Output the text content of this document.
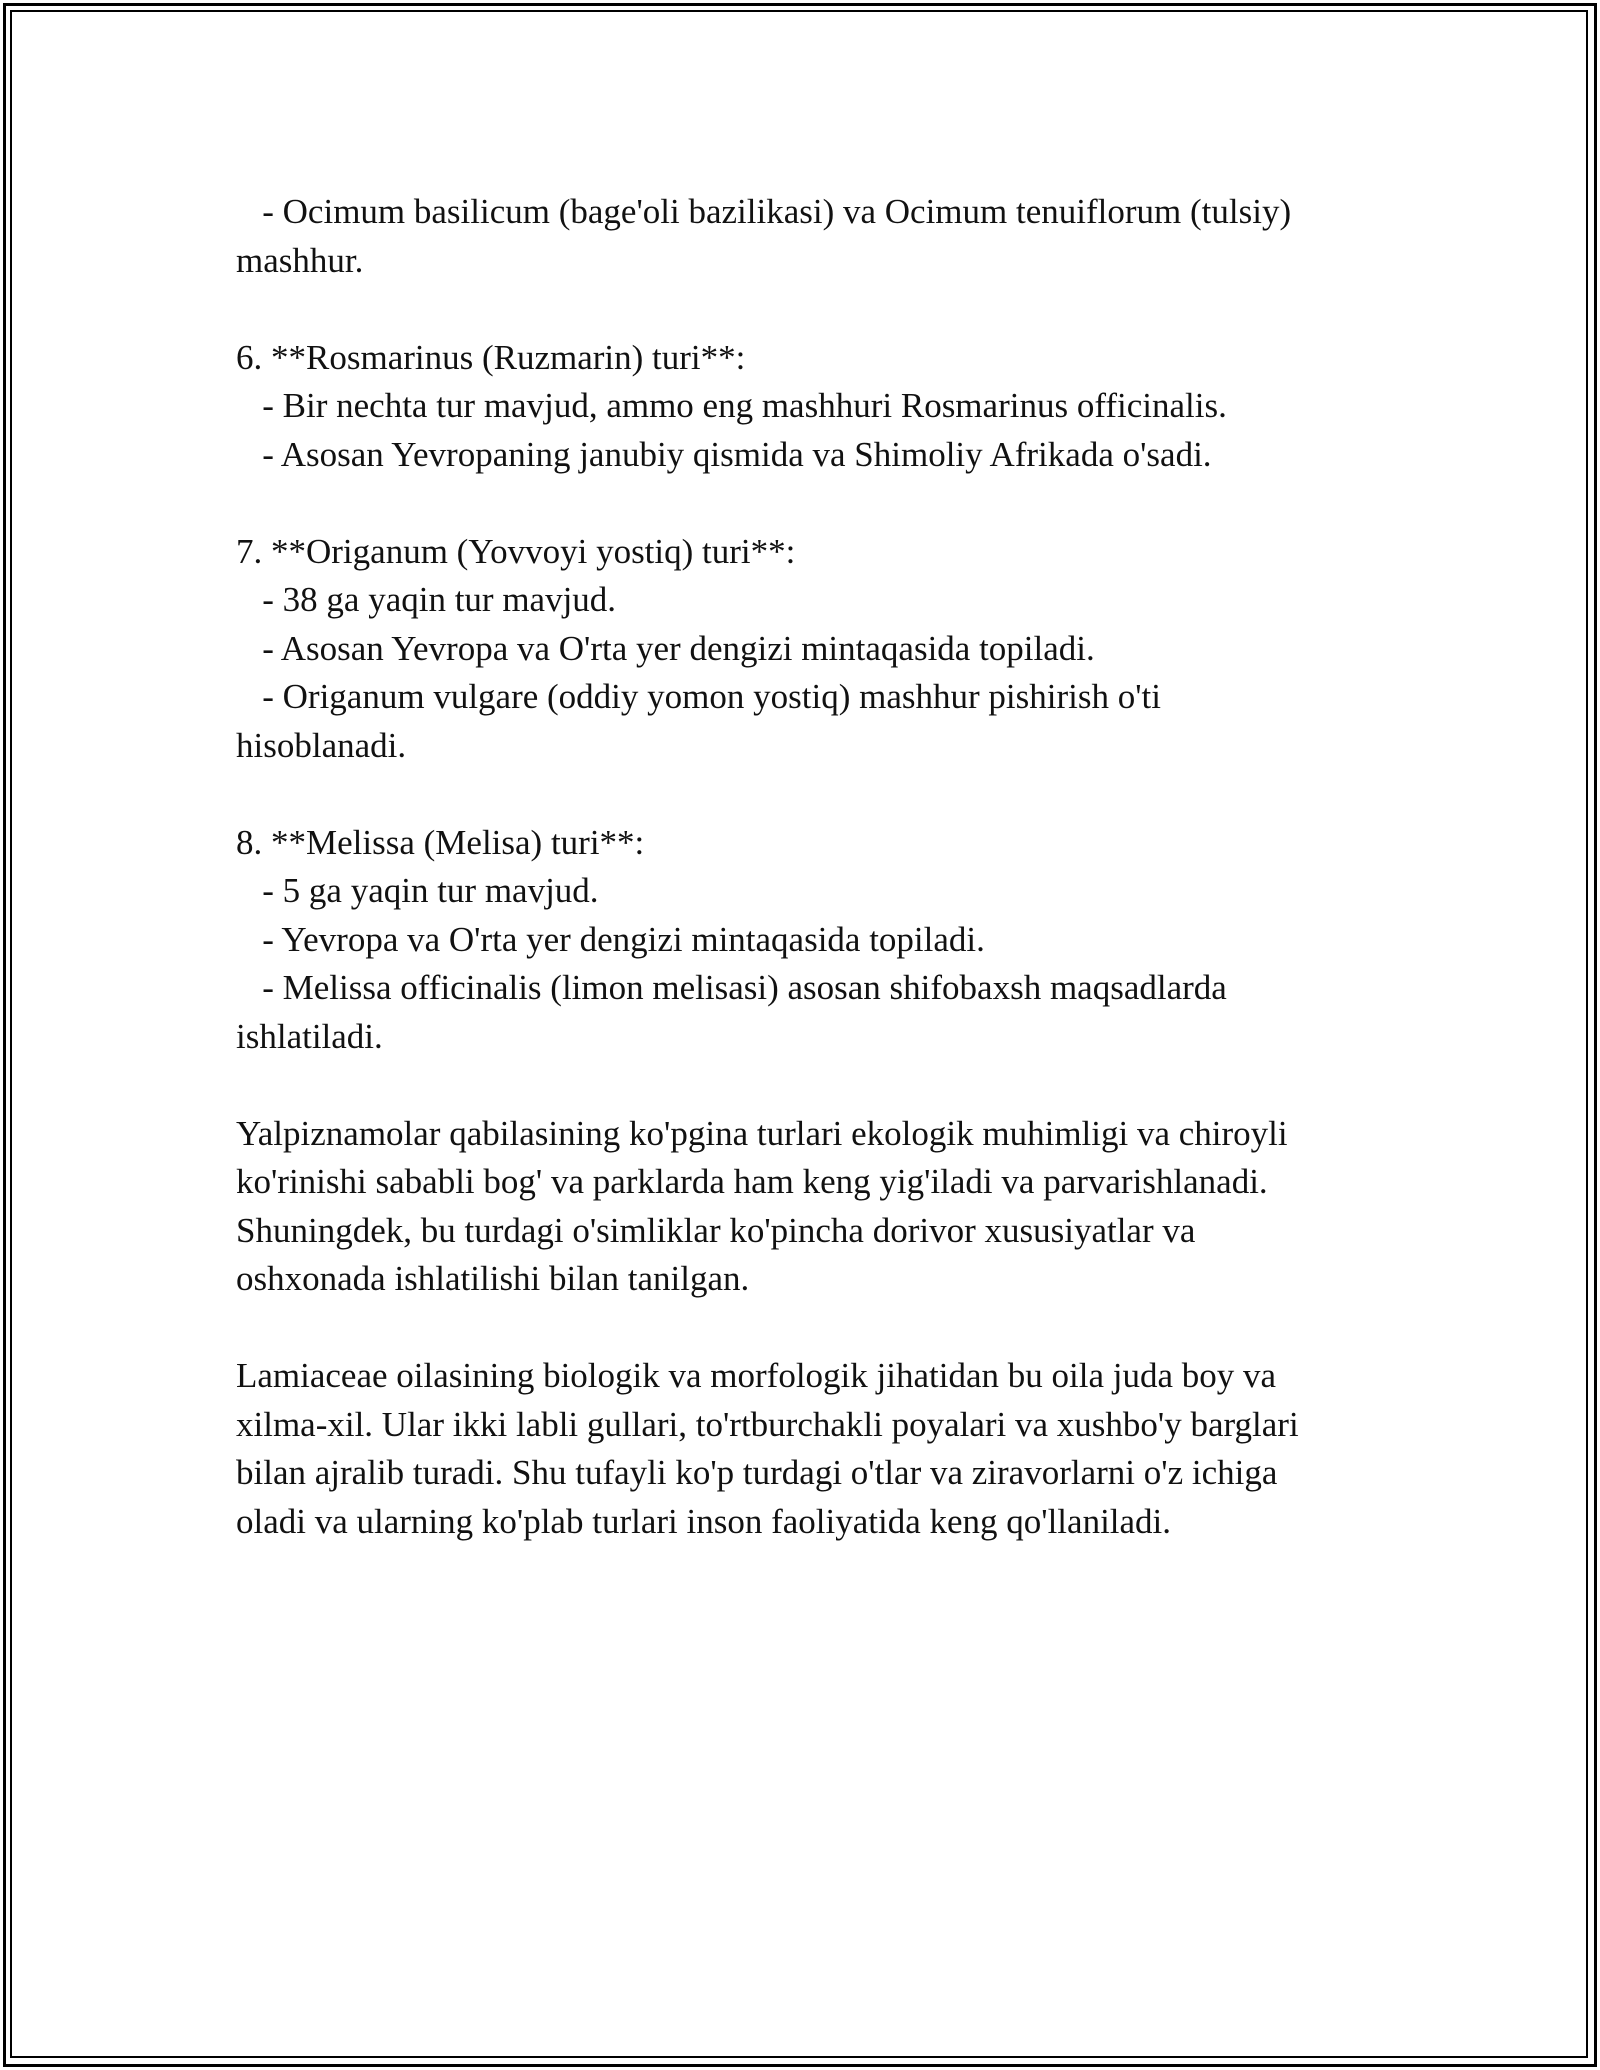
- Ocimum basilicum (bage'oli bazilikasi) va Ocimum tenuiflorum (tulsiy)
mashhur.
6. **Rosmarinus (Ruzmarin) turi**:
- Bir nechta tur mavjud, ammo eng mashhuri Rosmarinus officinalis.
- Asosan Yevropaning janubiy qismida va Shimoliy Afrikada o'sadi.
7. **Origanum (Yovvoyi yostiq) turi**:
- 38 ga yaqin tur mavjud.
- Asosan Yevropa va O'rta yer dengizi mintaqasida topiladi.
- Origanum vulgare (oddiy yomon yostiq) mashhur pishirish o'ti
hisoblanadi.
8. **Melissa (Melisa) turi**:
- 5 ga yaqin tur mavjud.
- Yevropa va O'rta yer dengizi mintaqasida topiladi.
- Melissa officinalis (limon melisasi) asosan shifobaxsh maqsadlarda
ishlatiladi.
Yalpiznamolar qabilasining ko'pgina turlari ekologik muhimligi va chiroyli
ko'rinishi sababli bog' va parklarda ham keng yig'iladi va parvarishlanadi.
Shuningdek, bu turdagi o'simliklar ko'pincha dorivor xususiyatlar va
oshxonada ishlatilishi bilan tanilgan.
Lamiaceae oilasining biologik va morfologik jihatidan bu oila juda boy va
xilma-xil. Ular ikki labli gullari, to'rtburchakli poyalari va xushbo'y barglari
bilan ajralib turadi. Shu tufayli ko'p turdagi o'tlar va ziravorlarni o'z ichiga
oladi va ularning ko'plab turlari inson faoliyatida keng qo'llaniladi.
